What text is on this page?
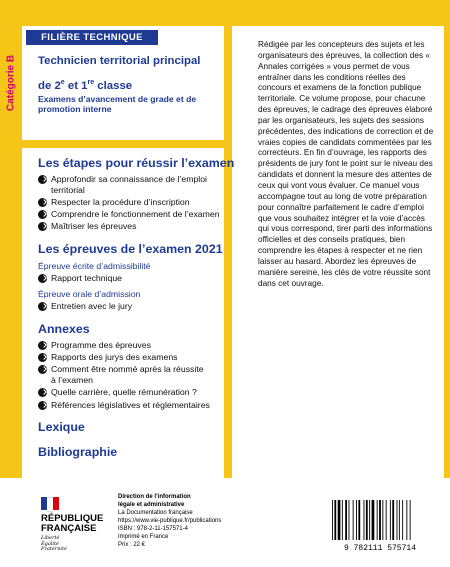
FILIÈRE TECHNIQUE
Catégorie B Technicien territorial principal
de 2e et 1re classe
Examens d’avancement de grade et de promotion interne
Les étapes pour réussir l’examen
Approfondir sa connaissance de l’emploi territorial
Respecter la procédure d’inscription
Comprendre le fonctionnement de l’examen
Maîtriser les épreuves
Les épreuves de l’examen 2021
Épreuve écrite d’admissibilité
Rapport technique
Épreuve orale d’admission
Entretien avec le jury
Annexes
Programme des épreuves
Rapports des jurys des examens
Comment être nommé après la réussite à l’examen
Quelle carrière, quelle rémunération ?
Références législatives et réglementaires
Lexique
Bibliographie
Rédigée par les concepteurs des sujets et les organisateurs des épreuves, la collection des « Annales corrigées » vous permet de vous entraîner dans les conditions réelles des concours et examens de la fonction publique territoriale. Ce volume propose, pour chacune des épreuves, le cadrage des épreuves élaboré par les organisateurs, les sujets des sessions précédentes, des indications de correction et de vraies copies de candidats commentées par les correcteurs. En fin d’ouvrage, les rapports des présidents de jury font le point sur le niveau des candidats et donnent la mesure des attentes de ceux qui vont vous évaluer. Ce manuel vous accompagne tout au long de votre préparation pour connaître parfaitement le cadre d’emploi que vous souhaitez intégrer et la voie d’accès qui vous correspond, tirer parti des informations officielles et des conseils pratiques, bien comprendre les étapes à respecter et ne rien laisser au hasard. Abordez les épreuves de manière sereine, les clés de votre réussite sont dans cet ouvrage.
RÉPUBLIQUE
FRANÇAISE
Liberté
Égalité
Fraternité
Direction de l’information
légale et administrative
La Documentation française
https://www.vie-publique.fr/publications
ISBN : 978-2-11-157571-4
Imprimé en France
Prix : 22 €	9 782111 575714
